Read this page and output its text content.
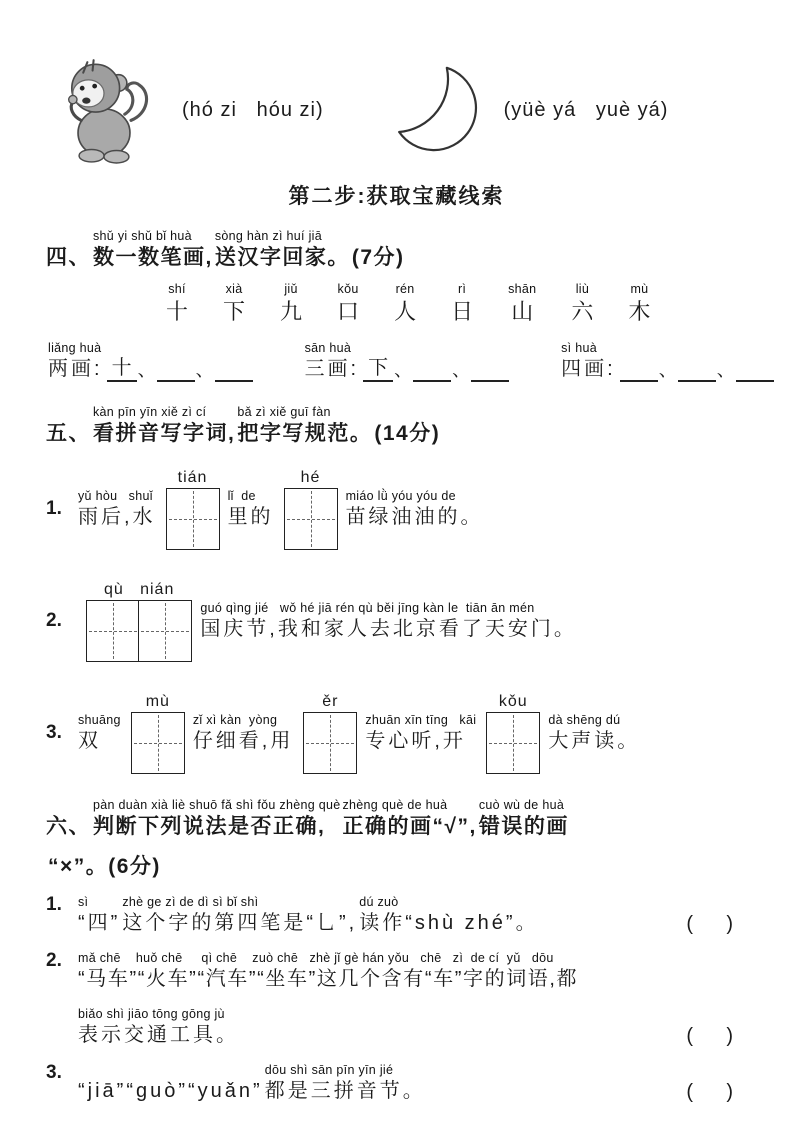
(hó zi   hóu zi)	(yüè yá   yuè yá)
第二步:获取宝藏线索
四、
shǔ yi shǔ bǐ huà
数一数笔画,
sòng hàn zì huí jiā
送汉字回家。 (7分)
shí
十
xià
下
jiǔ
九
kǒu
口
rén
人
rì
日
shān
山
liù
六
mù
木
liǎng huà
两画: 十 、 、
sān huà
三画: 下 、 、
sì huà
四画: 、 、
五、
kàn pīn yīn xiě zì cí
看拼音写字词,
bǎ zì xiě guī fàn
把字写规范。 (14分)
1.
yǔ hòu   shuǐ
雨后,水
tián
lǐ  de
里的
hé
miáo lǜ yóu yóu de
苗绿油油的。
2.
qù   nián
guó qìng jié   wǒ hé jiā rén qù běi jīng kàn le  tiān ān mén
国庆节,我和家人去北京看了天安门。
3.
shuāng
双
mù
zǐ xì kàn  yòng
仔细看,用
ěr
zhuān xīn tīng   kāi
专心听,开
kǒu
dà shēng dú
大声读。
六、
pàn duàn xià liè shuō fǎ shì fǒu zhèng què
判断下列说法是否正确,
zhèng què de huà
正确的画“√”,
cuò wù de huà
错误的画
“×”。(6分)
1.	sì
“四”
zhè ge zì de dì sì bǐ shì
这个字的第四笔是“乚”,
dú zuò
读作“shù zhé”。	(      )
2.	mǎ chē    huǒ chē     qì chē    zuò chē   zhè jǐ gè hán yǒu   chē   zì  de cí  yǔ   dōu
“马车”“火车”“汽车”“坐车”这几个含有“车”字的词语,都
biǎo shì jiāo tōng gōng jù
表示交通工具。	(      )
3.
“jiā”“guò”“yuǎn”
dōu shì sān pīn yīn jié
都是三拼音节。	(      )
